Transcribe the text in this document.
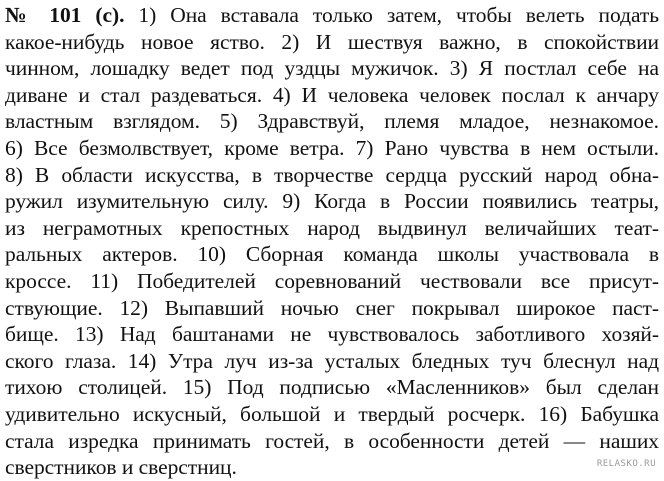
№ 101 (с). 1) Она вставала только затем, чтобы велеть подать
какое-нибудь новое яство. 2) И шествуя важно, в спокойствии
чинном, лошадку ведет под уздцы мужичок. 3) Я постлал себе на
диване и стал раздеваться. 4) И человека человек послал к анчару
властным взглядом. 5) Здравствуй, племя младое, незнакомое.
6) Все безмолвствует, кроме ветра. 7) Рано чувства в нем остыли.
8) В области искусства, в творчестве сердца русский народ обна-
ружил изумительную силу. 9) Когда в России появились театры,
из неграмотных крепостных народ выдвинул величайших теат-
ральных актеров. 10) Сборная команда школы участвовала в
кроссе. 11) Победителей соревнований чествовали все присут-
ствующие. 12) Выпавший ночью снег покрывал широкое паст-
бище. 13) Над баштанами не чувствовалось заботливого хозяй-
ского глаза. 14) Утра луч из-за усталых бледных туч блеснул над
тихою столицей. 15) Под подписью «Масленников» был сделан
удивительно искусный, большой и твердый росчерк. 16) Бабушка
стала изредка принимать гостей, в особенности детей — наших
сверстников и сверстниц.	RELASKO.RU
